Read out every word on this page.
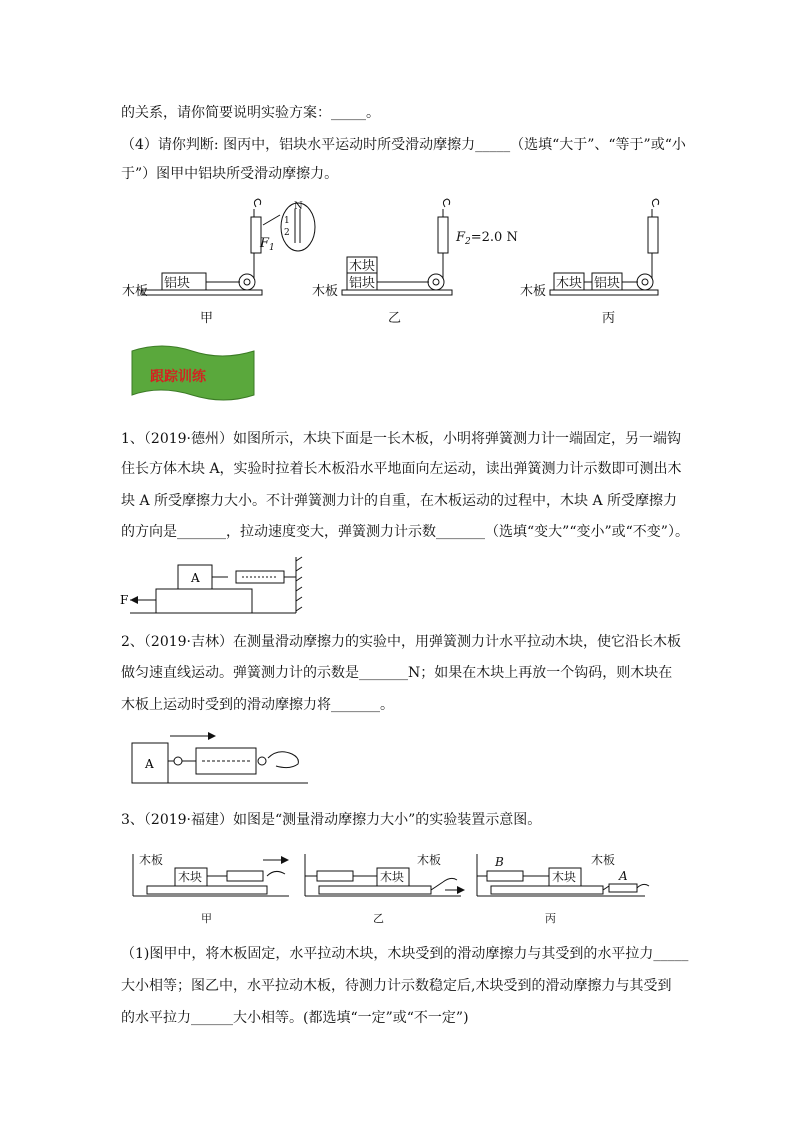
的关系，请你简要说明实验方案：_____。
（4）请你判断: 图丙中，铝块水平运动时所受滑动摩擦力_____（选填“大于”、“等于”或“小
于”）图甲中铝块所受滑动摩擦力。
木板
铝块
$F_1$
N
1
2
甲
木板
木块
铝块
$F_2=2.0$ N
乙
木板
木块 铝块
丙
跟踪训练
1、（2019·德州）如图所示，木块下面是一长木板，小明将弹簧测力计一端固定，另一端钩
住长方体木块 A，实验时拉着长木板沿水平地面向左运动，读出弹簧测力计示数即可测出木
块 A 所受摩擦力大小。不计弹簧测力计的自重，在木板运动的过程中，木块 A 所受摩擦力
的方向是_______，拉动速度变大，弹簧测力计示数_______（选填“变大”“变小”或“不变”）。
A
F
2、（2019·吉林）在测量滑动摩擦力的实验中，用弹簧测力计水平拉动木块，使它沿长木板
做匀速直线运动。弹簧测力计的示数是_______N；如果在木块上再放一个钩码，则木块在
木板上运动时受到的滑动摩擦力将_______。
A
3、（2019·福建）如图是“测量滑动摩擦力大小”的实验装置示意图。
木板
木块
甲
木板
木块
乙
B	木板
木块	A
丙
（1)图甲中，将木板固定，水平拉动木块，木块受到的滑动摩擦力与其受到的水平拉力_____
大小相等；图乙中，水平拉动木板，待测力计示数稳定后,木块受到的滑动摩擦力与其受到
的水平拉力______大小相等。(都选填“一定”或“不一定”)
